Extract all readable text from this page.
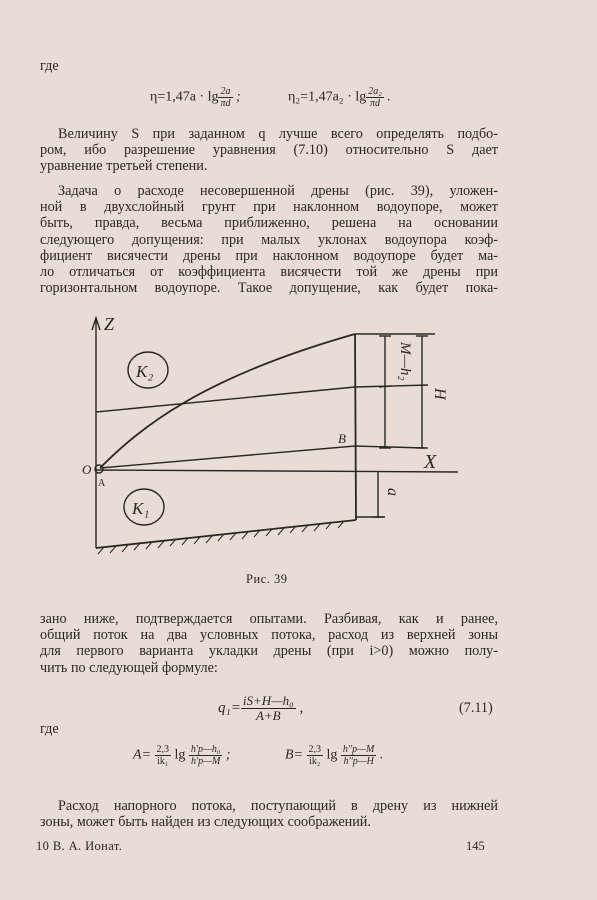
где
$\eta=1,47a \cdot \lg \frac{2a}{\pi d}$ ;	$\eta_2=1,47a_2 \cdot \lg \frac{\text{2a₂}}{\pi d}$ .
Величину S при заданном q лучше всего определять подбо-
ром, ибо разрешение уравнения (7.10) относительно S дает
уравнение третьей степени.
Задача о расходе несовершенной дрены (рис. 39), уложен-
ной в двухслойный грунт при наклонном водоупоре, может
быть, правда, весьма приближенно, решена на основании
следующего допущения: при малых уклонах водоупора коэф-
фициент висячести дрены при наклонном водоупоре будет ма-
ло отличаться от коэффициента висячести той же дрены при
горизонтальном водоупоре. Такое допущение, как будет пока-
Z
X
O
A
B
K₂
K₁
M—h₂
H
a
Рис. 39
зано ниже, подтверждается опытами. Разбивая, как и ранее,
общий поток на два условных потока, расход из верхней зоны
для первого варианта укладки дрены (при i>0) можно полу-
чить по следующей формуле:
$q_1= \frac{\text{iS+H—h₀}}{A+B}$ ,	(7.11)
где
$A= \frac{2,3}{\text{ik₁}}$ $\lg \frac{\text{h'р—h₀}}{h'р—M}$ ;	$B= \frac{2,3}{\text{ik₂}}$ $\lg \frac{h''р—M}{h''р—H}$ .
Расход напорного потока, поступающий в дрену из нижней
зоны, может быть найден из следующих соображений.
10 В. А. Ионат.	145
